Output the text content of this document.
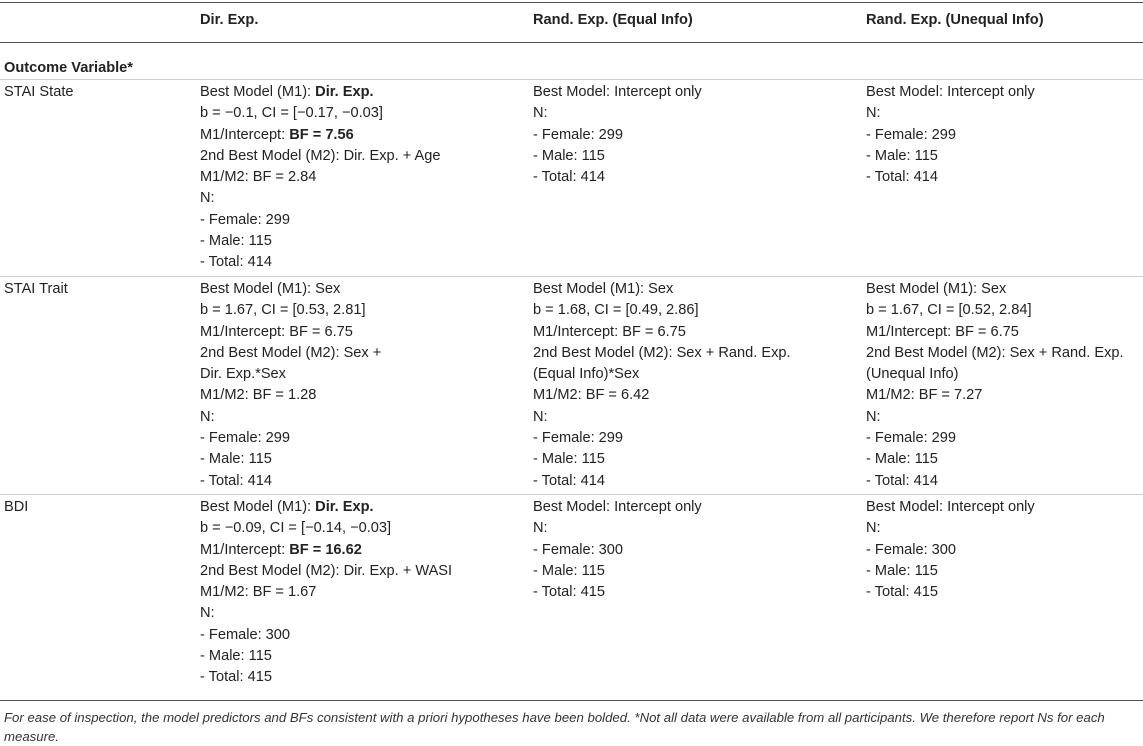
Dir. Exp.	Rand. Exp. (Equal Info)	Rand. Exp. (Unequal Info)
Outcome Variable*
STAI State
STAI Trait
BDI
Best Model (M1): Dir. Exp.
b = −0.1, CI = [−0.17, −0.03]
M1/Intercept: BF = 7.56
2nd Best Model (M2): Dir. Exp. + Age
M1/M2: BF = 2.84
N:
- Female: 299
- Male: 115
- Total: 414
Best Model: Intercept only
N:
- Female: 299
- Male: 115
- Total: 414
Best Model: Intercept only
N:
- Female: 299
- Male: 115
- Total: 414
Best Model (M1): Sex
b = 1.67, CI = [0.53, 2.81]
M1/Intercept: BF = 6.75
2nd Best Model (M2): Sex +
Dir. Exp.*Sex
M1/M2: BF = 1.28
N:
- Female: 299
- Male: 115
- Total: 414
Best Model (M1): Sex
b = 1.68, CI = [0.49, 2.86]
M1/Intercept: BF = 6.75
2nd Best Model (M2): Sex + Rand. Exp.
(Equal Info)*Sex
M1/M2: BF = 6.42
N:
- Female: 299
- Male: 115
- Total: 414
Best Model (M1): Sex
b = 1.67, CI = [0.52, 2.84]
M1/Intercept: BF = 6.75
2nd Best Model (M2): Sex + Rand. Exp.
(Unequal Info)
M1/M2: BF = 7.27
N:
- Female: 299
- Male: 115
- Total: 414
Best Model (M1): Dir. Exp.
b = −0.09, CI = [−0.14, −0.03]
M1/Intercept: BF = 16.62
2nd Best Model (M2): Dir. Exp. + WASI
M1/M2: BF = 1.67
N:
- Female: 300
- Male: 115
- Total: 415
Best Model: Intercept only
N:
- Female: 300
- Male: 115
- Total: 415
Best Model: Intercept only
N:
- Female: 300
- Male: 115
- Total: 415
For ease of inspection, the model predictors and BFs consistent with a priori hypotheses have been bolded. *Not all data were available from all participants. We therefore report Ns for each measure.
